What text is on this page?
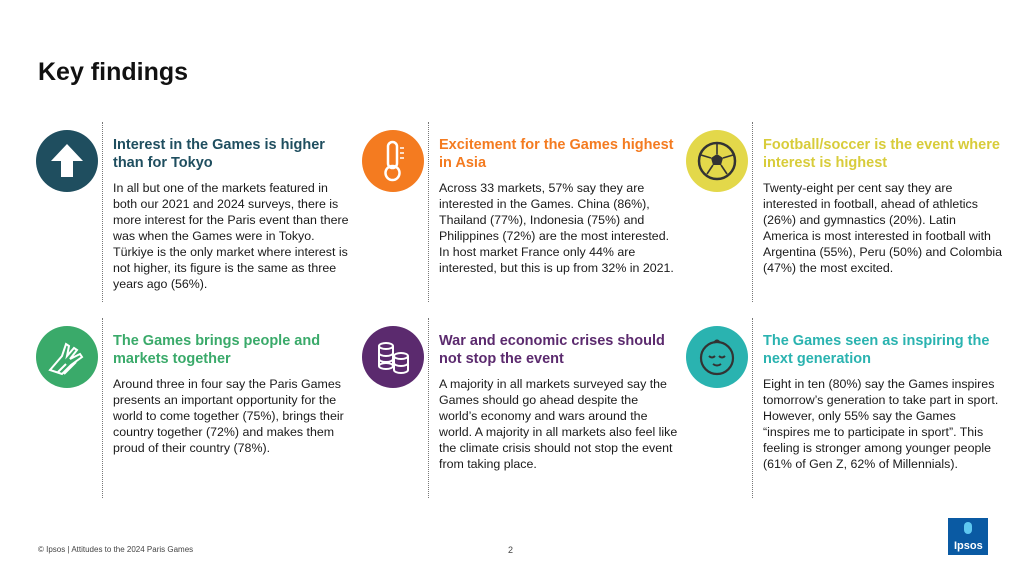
Key findings

Interest in the Games is higher than for Tokyo

In all but one of the markets featured in both our 2021 and 2024 surveys, there is more interest for the Paris event than there was when the Games were in Tokyo. Türkiye is the only market where interest is not higher, its figure is the same as three years ago (56%).

Excitement for the Games highest in Asia

Across 33 markets, 57% say they are interested in the Games. China (86%), Thailand (77%), Indonesia (75%) and Philippines (72%) are the most interested. In host market France only 44% are interested, but this is up from 32% in 2021.

Football/soccer is the event where interest is highest

Twenty-eight per cent say they are interested in football, ahead of athletics (26%) and gymnastics (20%). Latin America is most interested in football with Argentina (55%), Peru (50%) and Colombia (47%) the most excited.

The Games brings people and markets together

Around three in four say the Paris Games presents an important opportunity for the world to come together (75%), brings their country together (72%) and makes them proud of their country (78%).

War and economic crises should not stop the event

A majority in all markets surveyed say the Games should go ahead despite the world’s economy and wars around the world. A majority in all markets also feel like the climate crisis should not stop the event from taking place.

The Games seen as inspiring the next generation

Eight in ten (80%) say the Games inspires tomorrow’s generation to take part in sport. However, only 55% say the Games “inspires me to participate in sport”. This feeling is stronger among younger people (61% of Gen Z, 62% of Millennials).

© Ipsos | Attitudes to the 2024 Paris Games	2	Ipsos
